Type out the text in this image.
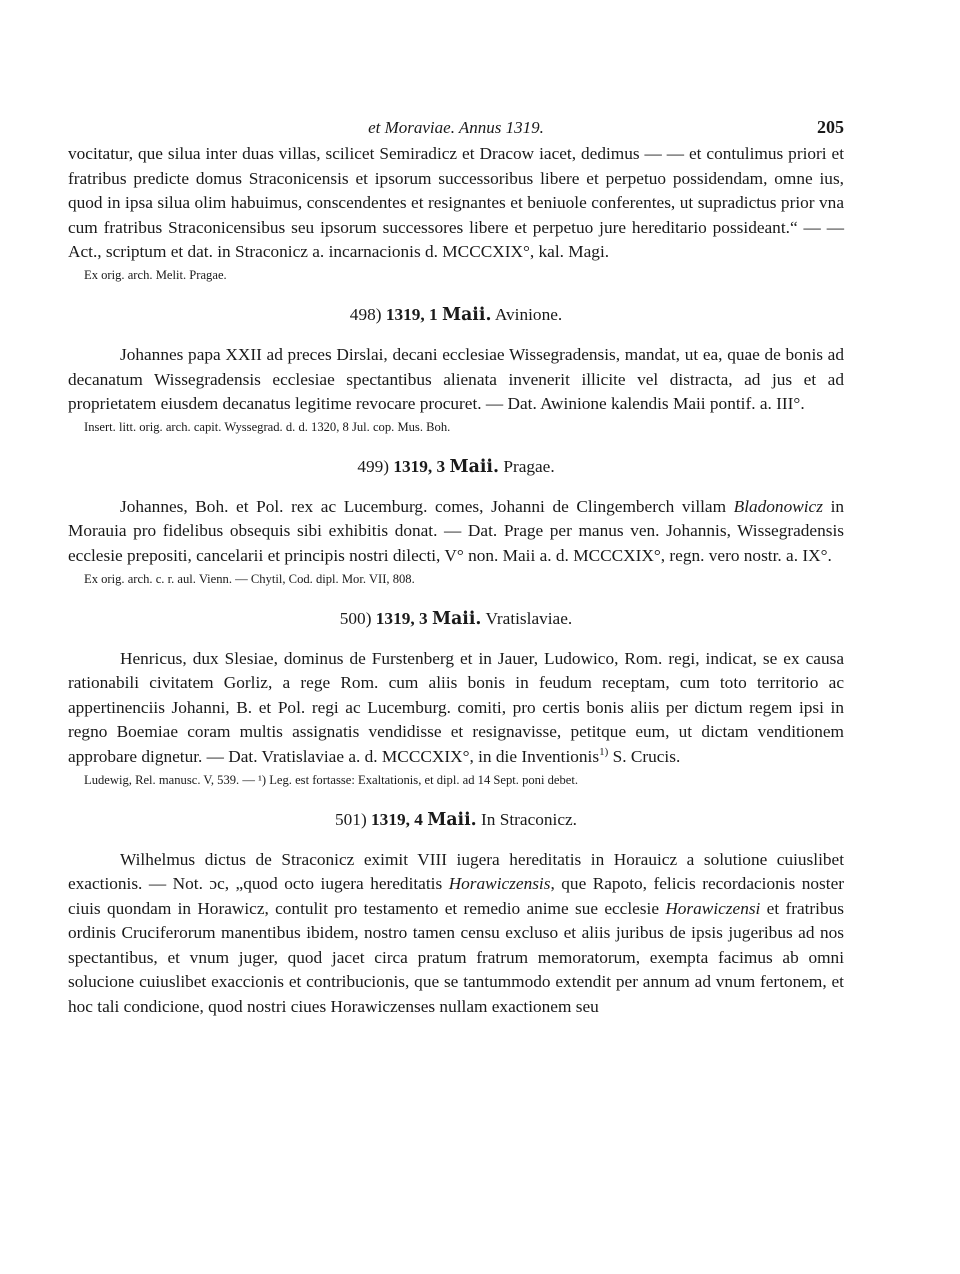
et Moraviae. Annus 1319.	205

vocitatur, que silua inter duas villas, scilicet Semiradicz et Dracow iacet, dedimus — — et contulimus priori et fratribus predicte domus Straconicensis et ipsorum successoribus libere et perpetuo possidendam, omne ius, quod in ipsa silua olim habuimus, conscendentes et resignantes et beniuole conferentes, ut supradictus prior vna cum fratribus Straconicensibus seu ipsorum successores libere et perpetuo jure hereditario possideant.“ — — Act., scriptum et dat. in Straconicz a. incarnacionis d. MCCCXIX°, kal. Magi.

Ex orig. arch. Melit. Pragae.
498) 1319, 1 Maii. Avinione.

Johannes papa XXII ad preces Dirslai, decani ecclesiae Wissegradensis, mandat, ut ea, quae de bonis ad decanatum Wissegradensis ecclesiae spectantibus alienata invenerit illicite vel distracta, ad jus et ad proprietatem eiusdem decanatus legitime revocare procuret. — Dat. Awinione kalendis Maii pontif. a. III°.

Insert. litt. orig. arch. capit. Wyssegrad. d. d. 1320, 8 Jul. cop. Mus. Boh.
499) 1319, 3 Maii. Pragae.

Johannes, Boh. et Pol. rex ac Lucemburg. comes, Johanni de Clingemberch villam Bladonowicz in Morauia pro fidelibus obsequis sibi exhibitis donat. — Dat. Prage per manus ven. Johannis, Wissegradensis ecclesie prepositi, cancelarii et principis nostri dilecti, V° non. Maii a. d. MCCCXIX°, regn. vero nostr. a. IX°.

Ex orig. arch. c. r. aul. Vienn. — Chytil, Cod. dipl. Mor. VII, 808.
500) 1319, 3 Maii. Vratislaviae.

Henricus, dux Slesiae, dominus de Furstenberg et in Jauer, Ludowico, Rom. regi, indicat, se ex causa rationabili civitatem Gorliz, a rege Rom. cum aliis bonis in feudum receptam, cum toto territorio ac appertinenciis Johanni, B. et Pol. regi ac Lucemburg. comiti, pro certis bonis aliis per dictum regem ipsi in regno Boemiae coram multis assignatis vendidisse et resignavisse, petitque eum, ut dictam venditionem approbare dignetur. — Dat. Vratislaviae a. d. MCCCXIX°, in die Inventionis$^{1)}$ S. Crucis.

Ludewig, Rel. manusc. V, 539. — ¹) Leg. est fortasse: Exaltationis, et dipl. ad 14 Sept. poni debet.
501) 1319, 4 Maii. In Straconicz.

Wilhelmus dictus de Straconicz eximit VIII iugera hereditatis in Horauicz a solutione cuiuslibet exactionis. — Not. ɔc, „quod octo iugera hereditatis Horawiczensis, que Rapoto, felicis recordacionis noster ciuis quondam in Horawicz, contulit pro testamento et remedio anime sue ecclesie Horawiczensi et fratribus ordinis Cruciferorum manentibus ibidem, nostro tamen censu excluso et aliis juribus de ipsis jugeribus ad nos spectantibus, et vnum juger, quod jacet circa pratum fratrum memoratorum, exempta facimus ab omni solucione cuiuslibet exaccionis et contribucionis, que se tantummodo extendit per annum ad vnum fertonem, et hoc tali condicione, quod nostri ciues Horawiczenses nullam exactionem seu
